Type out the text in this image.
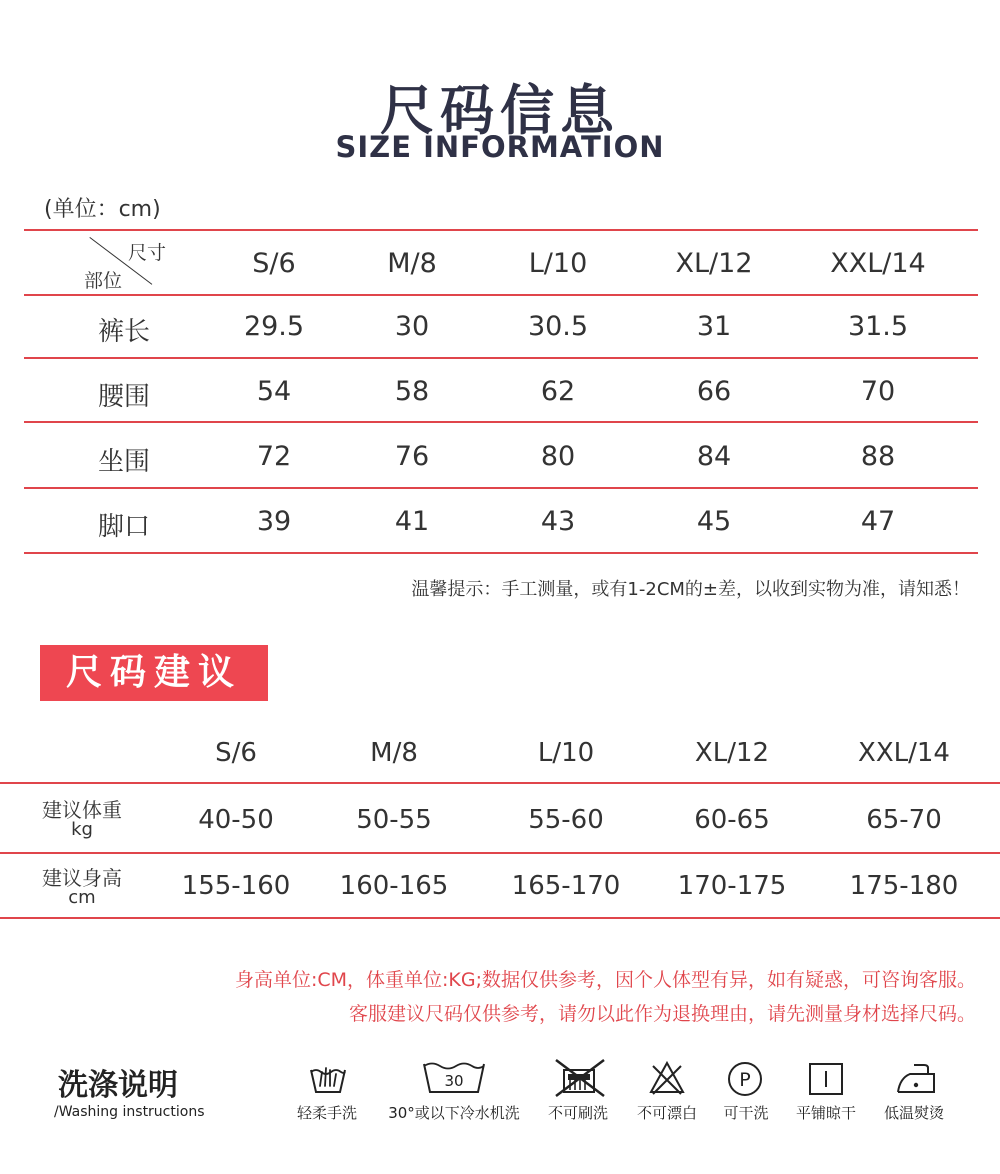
尺码信息
SIZE INFORMATION
(单位：cm)
尺寸
部位
S/6	M/8	L/10	XL/12	XXL/14
裤长	29.5	30	30.5	31	31.5
腰围	54	58	62	66	70
坐围	72	76	80	84	88
脚口	39	41	43	45	47
温馨提示：手工测量，或有1-2CM的±差，以收到实物为准，请知悉！
尺码建议
S/6	M/8	L/10	XL/12	XXL/14
建议体重
kg	40-50	50-55	55-60	60-65	65-70
建议身高
cm	155-160 160-165 165-170 170-175 175-180
身高单位:CM，体重单位:KG;数据仅供参考，因个人体型有异，如有疑惑，可咨询客服。
客服建议尺码仅供参考，请勿以此作为退换理由，请先测量身材选择尺码。
洗涤说明
/Washing instructions	轻柔手洗
30
30°或以下冷水机洗 不可刷洗 不可漂白
P
可干洗 平铺晾干 低温熨烫
